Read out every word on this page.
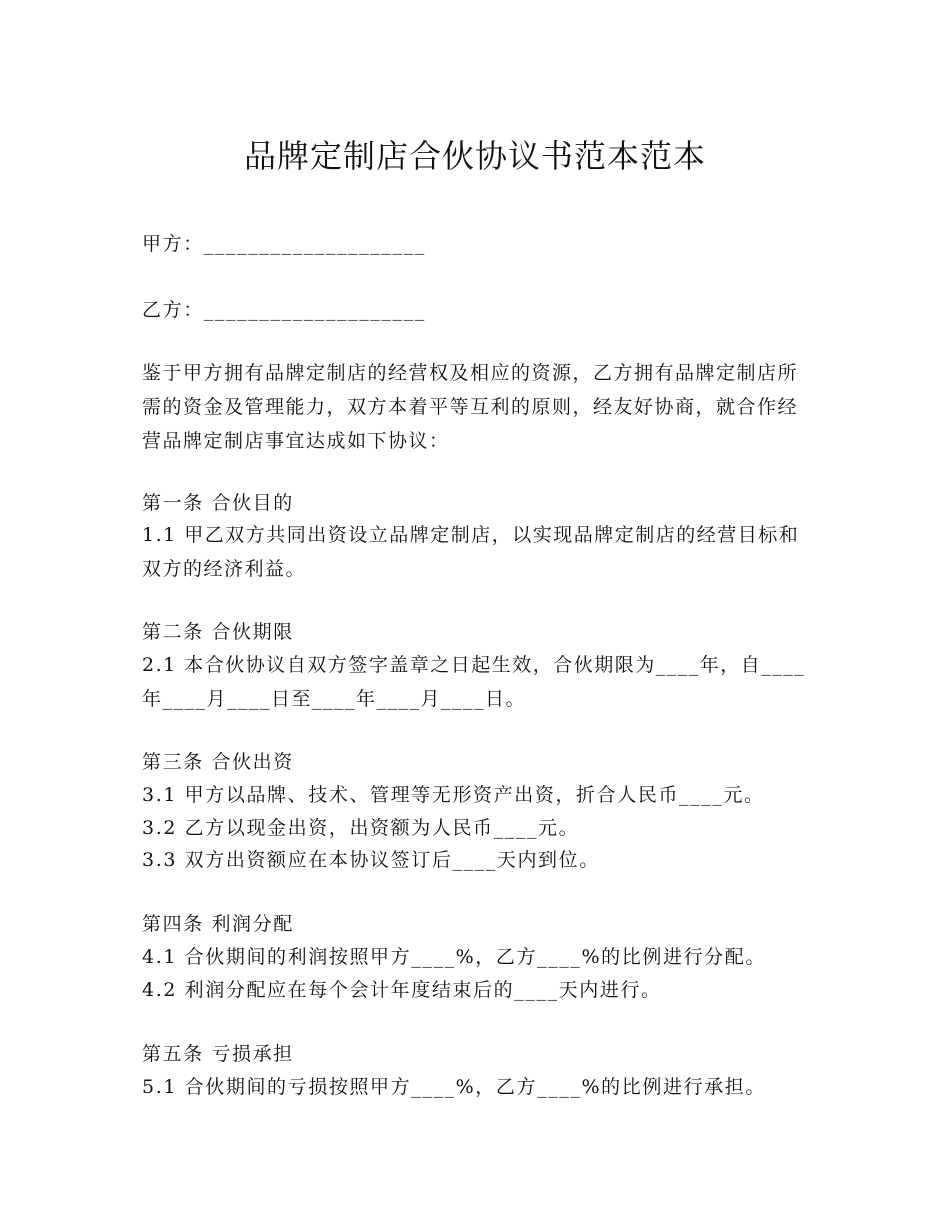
品牌定制店合伙协议书范本范本
甲方：____________________
乙方：____________________
鉴于甲方拥有品牌定制店的经营权及相应的资源，乙方拥有品牌定制店所需的资金及管理能力，双方本着平等互利的原则，经友好协商，就合作经营品牌定制店事宜达成如下协议：
第一条 合伙目的
1.1 甲乙双方共同出资设立品牌定制店，以实现品牌定制店的经营目标和双方的经济利益。
第二条 合伙期限
2.1 本合伙协议自双方签字盖章之日起生效，合伙期限为____年，自____年____月____日至____年____月____日。
第三条 合伙出资
3.1 甲方以品牌、技术、管理等无形资产出资，折合人民币____元。
3.2 乙方以现金出资，出资额为人民币____元。
3.3 双方出资额应在本协议签订后____天内到位。
第四条 利润分配
4.1 合伙期间的利润按照甲方____%，乙方____%的比例进行分配。
4.2 利润分配应在每个会计年度结束后的____天内进行。
第五条 亏损承担
5.1 合伙期间的亏损按照甲方____%，乙方____%的比例进行承担。
